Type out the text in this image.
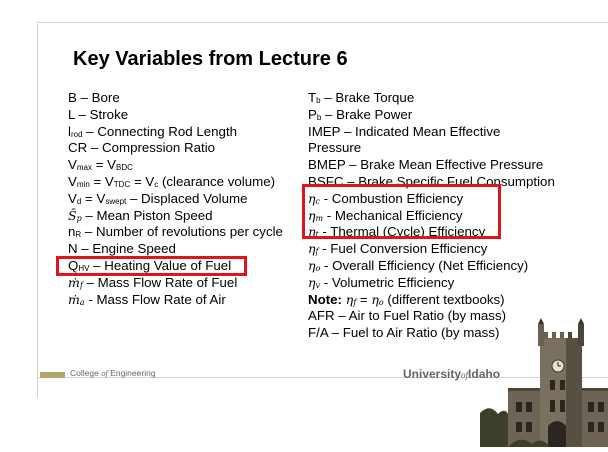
Key Variables from Lecture 6
B – Bore
L – Stroke
$l_{rod}$ – Connecting Rod Length
CR – Compression Ratio
$V_{max} = V_{BDC}$
$V_{min} = V_{TDC} = V_c$ (clearance volume)
$V_d = V_{swept}$ – Displaced Volume
$S̄_p$ – Mean Piston Speed
$n_R$ – Number of revolutions per cycle
N – Engine Speed
$Q_{HV}$ – Heating Value of Fuel
ṁ$_f$ – Mass Flow Rate of Fuel
ṁ$_a$ - Mass Flow Rate of Air
$T_b$ – Brake Torque
$P_b$ – Brake Power
IMEP – Indicated Mean Effective
Pressure
BMEP – Brake Mean Effective Pressure
BSFC – Brake Specific Fuel Consumption
$\eta_c$ - Combustion Efficiency
$\eta_m$ - Mechanical Efficiency
$\eta_t$ - Thermal (Cycle) Efficiency
$\eta_f$ - Fuel Conversion Efficiency
$\eta_o$ - Overall Efficiency (Net Efficiency)
$\eta_v$ - Volumetric Efficiency
Note: $\eta_f = \eta_o$ (different textbooks)
AFR – Air to Fuel Ratio (by mass)
F/A – Fuel to Air Ratio (by mass)
College of Engineering	UniversityofIdaho
